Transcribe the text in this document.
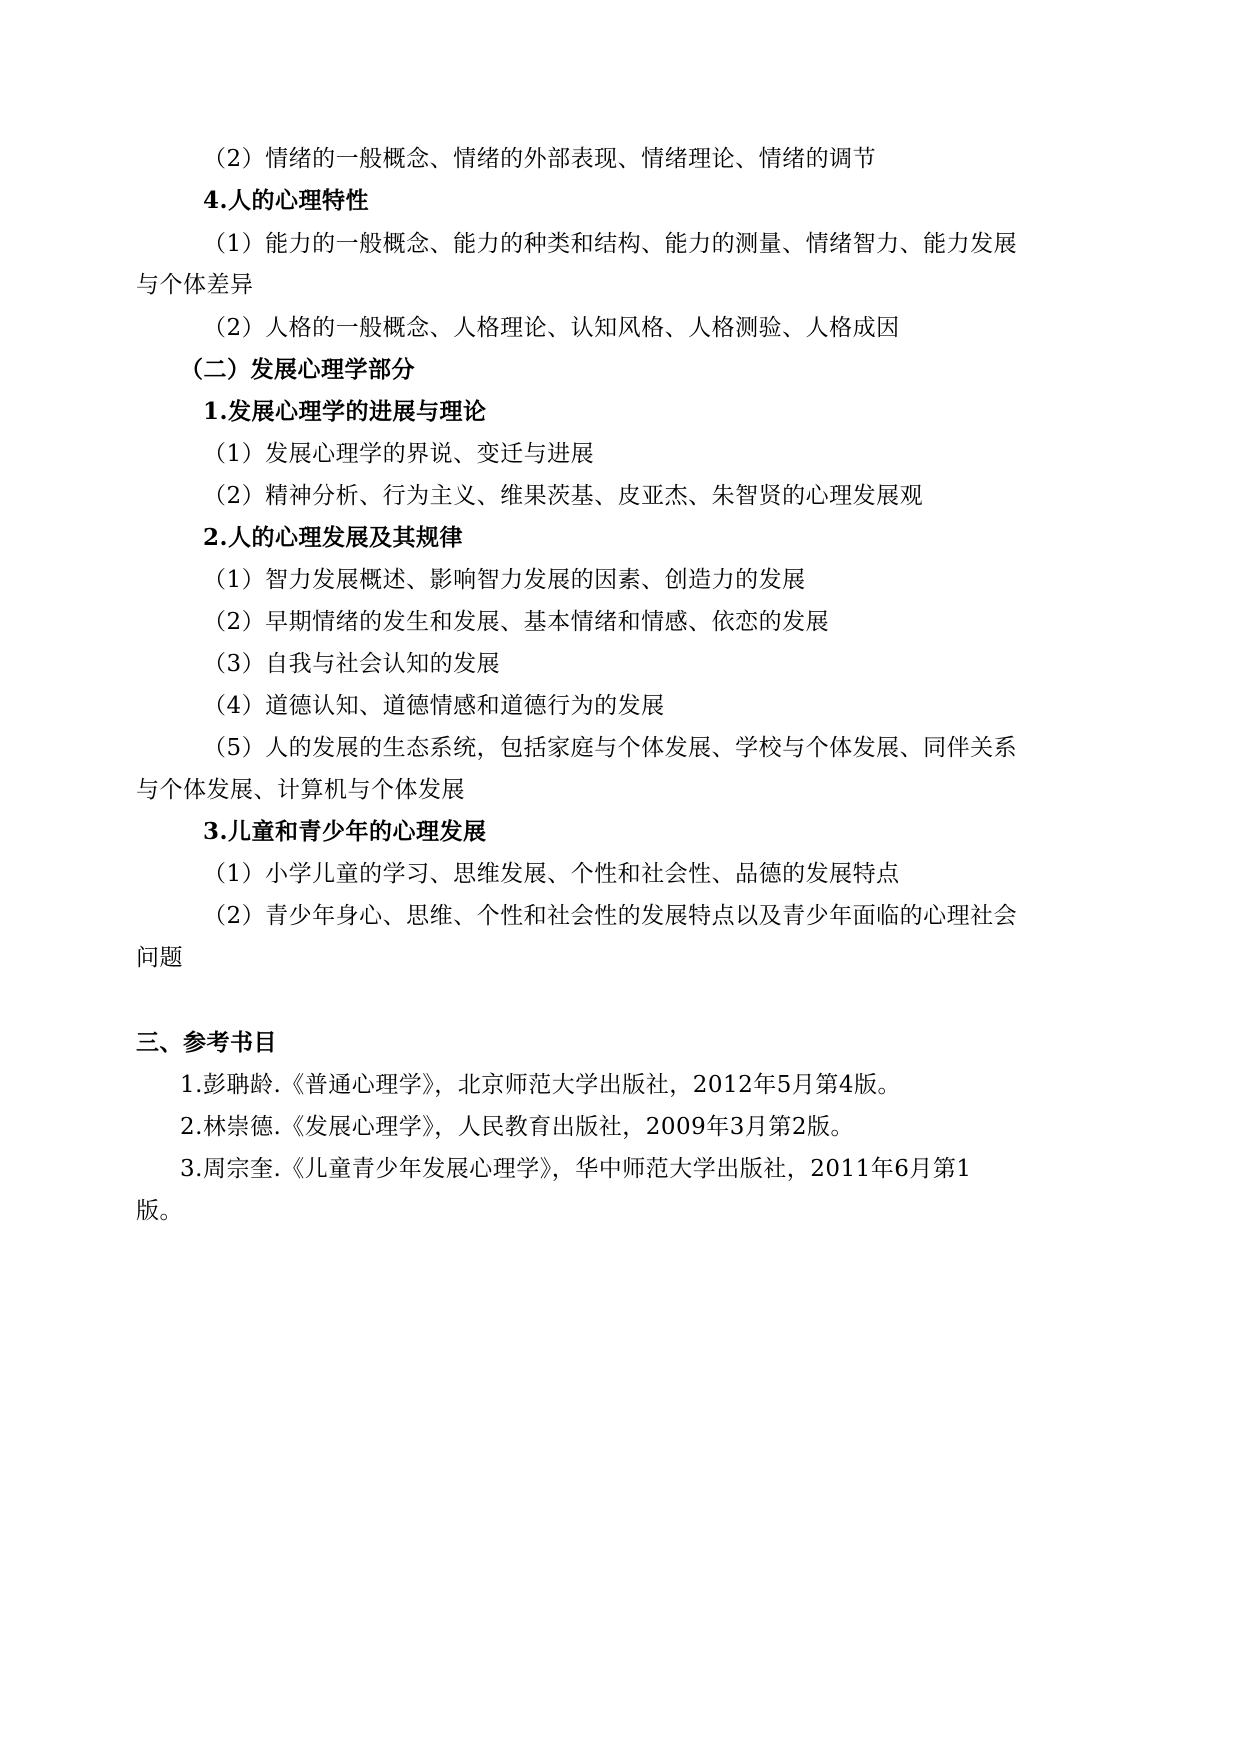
（2）情绪的一般概念、情绪的外部表现、情绪理论、情绪的调节
4.人的心理特性
（1）能力的一般概念、能力的种类和结构、能力的测量、情绪智力、能力发展
与个体差异
（2）人格的一般概念、人格理论、认知风格、人格测验、人格成因
（二）发展心理学部分
1.发展心理学的进展与理论
（1）发展心理学的界说、变迁与进展
（2）精神分析、行为主义、维果茨基、皮亚杰、朱智贤的心理发展观
2.人的心理发展及其规律
（1）智力发展概述、影响智力发展的因素、创造力的发展
（2）早期情绪的发生和发展、基本情绪和情感、依恋的发展
（3）自我与社会认知的发展
（4）道德认知、道德情感和道德行为的发展
（5）人的发展的生态系统，包括家庭与个体发展、学校与个体发展、同伴关系
与个体发展、计算机与个体发展
3.儿童和青少年的心理发展
（1）小学儿童的学习、思维发展、个性和社会性、品德的发展特点
（2）青少年身心、思维、个性和社会性的发展特点以及青少年面临的心理社会
问题
三、参考书目
1.彭聃龄.《普通心理学》，北京师范大学出版社，2012年5月第4版。
2.林崇德.《发展心理学》，人民教育出版社，2009年3月第2版。
3.周宗奎.《儿童青少年发展心理学》，华中师范大学出版社，2011年6月第1
版。
